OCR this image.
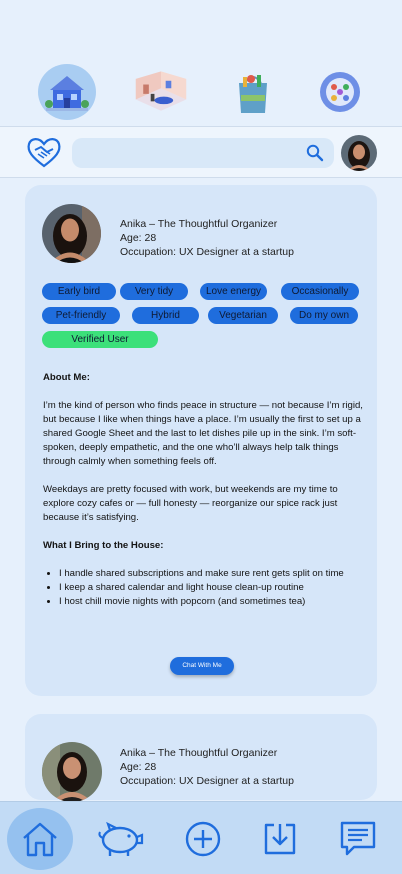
Anika – The Thoughtful Organizer
Age: 28
Occupation: UX Designer at a startup
Early bird	Very tidy	Love energy	Occasionally
Pet-friendly	Hybrid	Vegetarian	Do my own
Verified User
About Me:
I’m the kind of person who finds peace in structure — not because I’m rigid, but because I like when things have a place. I’m usually the first to set up a shared Google Sheet and the last to let dishes pile up in the sink. I’m soft-spoken, deeply empathetic, and the one who’ll always help talk things through calmly when something feels off.
Weekdays are pretty focused with work, but weekends are my time to explore cozy cafes or — full honesty — reorganize our spice rack just because it’s satisfying.
What I Bring to the House:
• I handle shared subscriptions and make sure rent gets split on time
• I keep a shared calendar and light house clean-up routine
• I host chill movie nights with popcorn (and sometimes tea)
Chat With Me
Anika – The Thoughtful Organizer
Age: 28
Occupation: UX Designer at a startup
